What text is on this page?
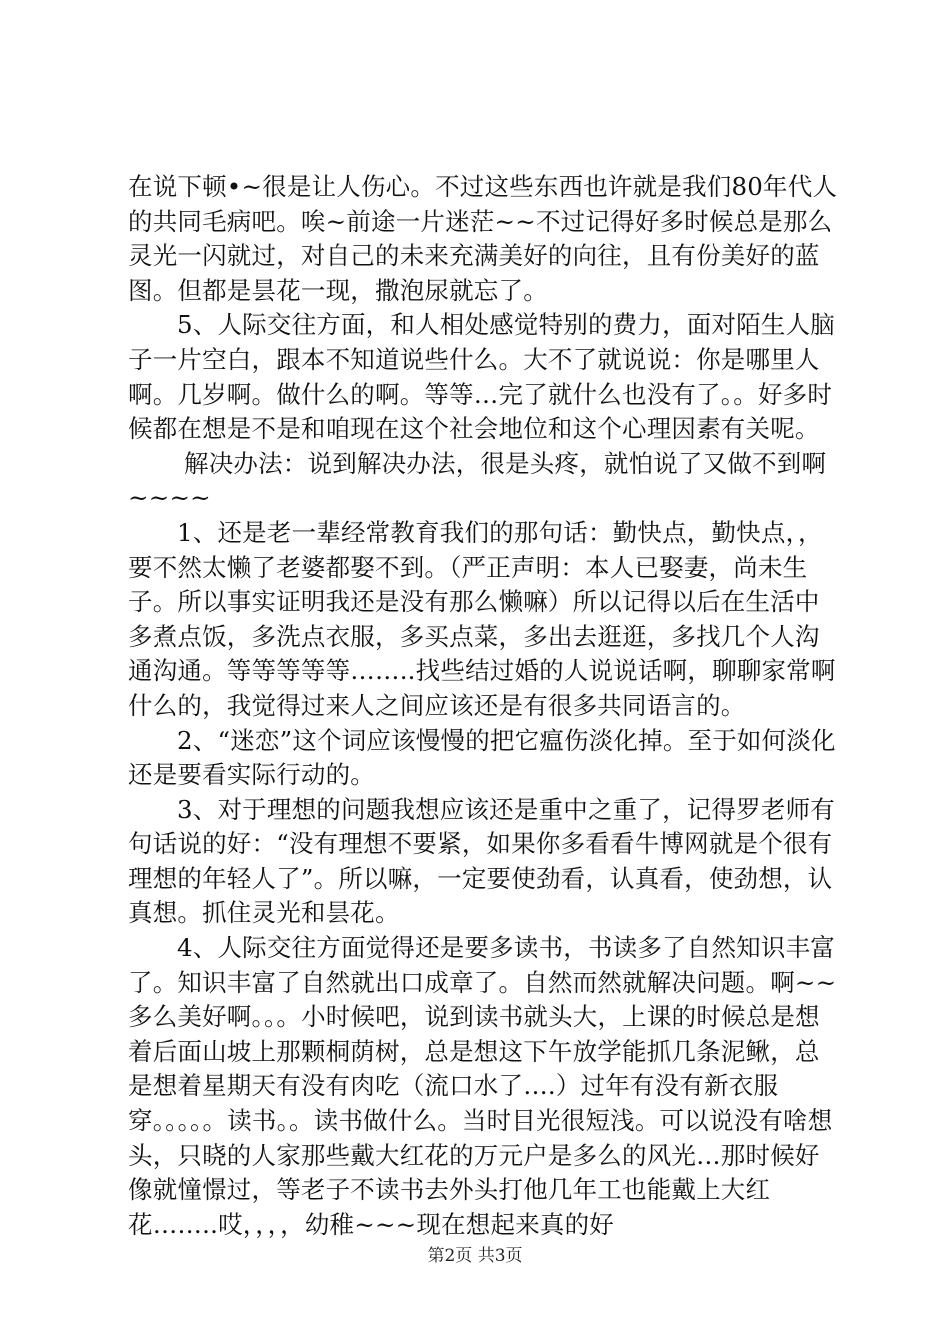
在说下顿•~很是让人伤心。不过这些东西也许就是我们80年代人的共同毛病吧。唉~前途一片迷茫~~不过记得好多时候总是那么灵光一闪就过，对自己的未来充满美好的向往，且有份美好的蓝图。但都是昙花一现，撒泡尿就忘了。

5、人际交往方面，和人相处感觉特别的费力，面对陌生人脑子一片空白，跟本不知道说些什么。大不了就说说：你是哪里人啊。几岁啊。做什么的啊。等等…完了就什么也没有了。。好多时候都在想是不是和咱现在这个社会地位和这个心理因素有关呢。

解决办法：说到解决办法，很是头疼，就怕说了又做不到啊~~~~

1、还是老一辈经常教育我们的那句话：勤快点，勤快点，，要不然太懒了老婆都娶不到。（严正声明：本人已娶妻，尚未生子。所以事实证明我还是没有那么懒嘛）所以记得以后在生活中多煮点饭，多洗点衣服，多买点菜，多出去逛逛，多找几个人沟通沟通。等等等等等……..找些结过婚的人说说话啊，聊聊家常啊什么的，我觉得过来人之间应该还是有很多共同语言的。

2、“迷恋”这个词应该慢慢的把它瘟伤淡化掉。至于如何淡化还是要看实际行动的。

3、对于理想的问题我想应该还是重中之重了，记得罗老师有句话说的好：“没有理想不要紧，如果你多看看牛博网就是个很有理想的年轻人了”。所以嘛，一定要使劲看，认真看，使劲想，认真想。抓住灵光和昙花。

4、人际交往方面觉得还是要多读书，书读多了自然知识丰富了。知识丰富了自然就出口成章了。自然而然就解决问题。啊~~多么美好啊。。。小时候吧，说到读书就头大，上课的时候总是想着后面山坡上那颗桐荫树，总是想这下午放学能抓几条泥鳅，总是想着星期天有没有肉吃（流口水了….）过年有没有新衣服穿。。。。。读书。。读书做什么。当时目光很短浅。可以说没有啥想头，只晓的人家那些戴大红花的万元户是多么的风光…那时候好像就憧憬过，等老子不读书去外头打他几年工也能戴上大红花……..哎，，，，幼稚~~~现在想起来真的好

第2页 共3页
